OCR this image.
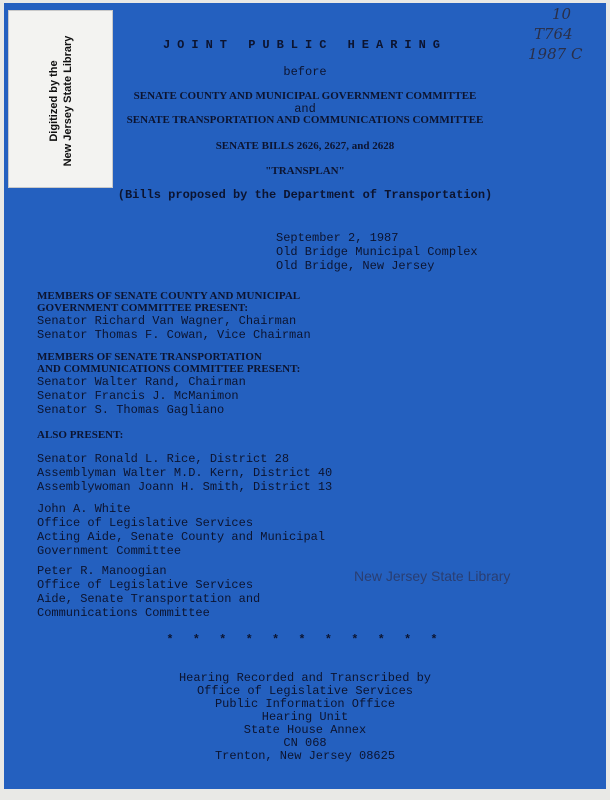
Digitized by the New Jersey State Library
10
T764
1987 C
JOINT PUBLIC HEARING
before
SENATE COUNTY AND MUNICIPAL GOVERNMENT COMMITTEE
and
SENATE TRANSPORTATION AND COMMUNICATIONS COMMITTEE
SENATE BILLS 2626, 2627, and 2628
"TRANSPLAN"
(Bills proposed by the Department of Transportation)
September 2, 1987
Old Bridge Municipal Complex
Old Bridge, New Jersey
MEMBERS OF SENATE COUNTY AND MUNICIPAL
GOVERNMENT COMMITTEE PRESENT:
Senator Richard Van Wagner, Chairman
Senator Thomas F. Cowan, Vice Chairman
MEMBERS OF SENATE TRANSPORTATION
AND COMMUNICATIONS COMMITTEE PRESENT:
Senator Walter Rand, Chairman
Senator Francis J. McManimon
Senator S. Thomas Gagliano
ALSO PRESENT:
Senator Ronald L. Rice, District 28
Assemblyman Walter M.D. Kern, District 40
Assemblywoman Joann H. Smith, District 13
John A. White
Office of Legislative Services
Acting Aide, Senate County and Municipal
Government Committee
Peter R. Manoogian
Office of Legislative Services
Aide, Senate Transportation and
Communications Committee
New Jersey State Library
* * * * * * * * * * *
Hearing Recorded and Transcribed by
Office of Legislative Services
Public Information Office
Hearing Unit
State House Annex
CN 068
Trenton, New Jersey 08625
